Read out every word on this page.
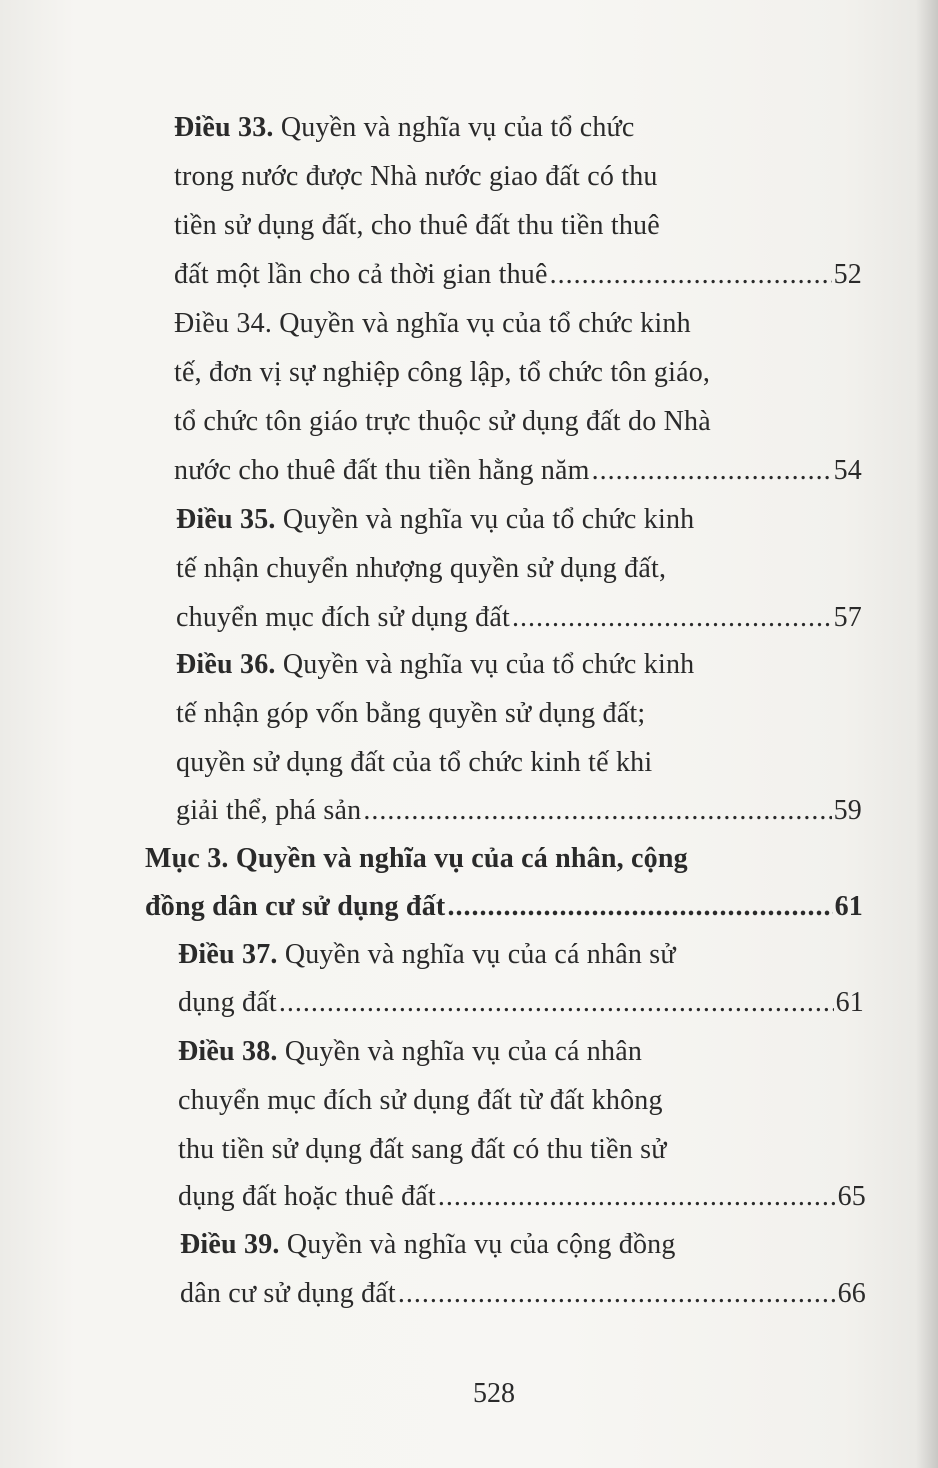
Điều 33. Quyền và nghĩa vụ của tổ chức
trong nước được Nhà nước giao đất có thu
tiền sử dụng đất, cho thuê đất thu tiền thuê
đất một lần cho cả thời gian thuê .....	52
Điều 34. Quyền và nghĩa vụ của tổ chức kinh
tế, đơn vị sự nghiệp công lập, tổ chức tôn giáo,
tổ chức tôn giáo trực thuộc sử dụng đất do Nhà
nước cho thuê đất thu tiền hằng năm .....	54
Điều 35. Quyền và nghĩa vụ của tổ chức kinh
tế nhận chuyển nhượng quyền sử dụng đất,
chuyển mục đích sử dụng đất .....	57
Điều 36. Quyền và nghĩa vụ của tổ chức kinh
tế nhận góp vốn bằng quyền sử dụng đất;
quyền sử dụng đất của tổ chức kinh tế khi
giải thể, phá sản .....	59
Mục 3. Quyền và nghĩa vụ của cá nhân, cộng
đồng dân cư sử dụng đất .....	61
Điều 37. Quyền và nghĩa vụ của cá nhân sử
dụng đất .....	61
Điều 38. Quyền và nghĩa vụ của cá nhân
chuyển mục đích sử dụng đất từ đất không
thu tiền sử dụng đất sang đất có thu tiền sử
dụng đất hoặc thuê đất .....	65
Điều 39. Quyền và nghĩa vụ của cộng đồng
dân cư sử dụng đất .....	66
528
